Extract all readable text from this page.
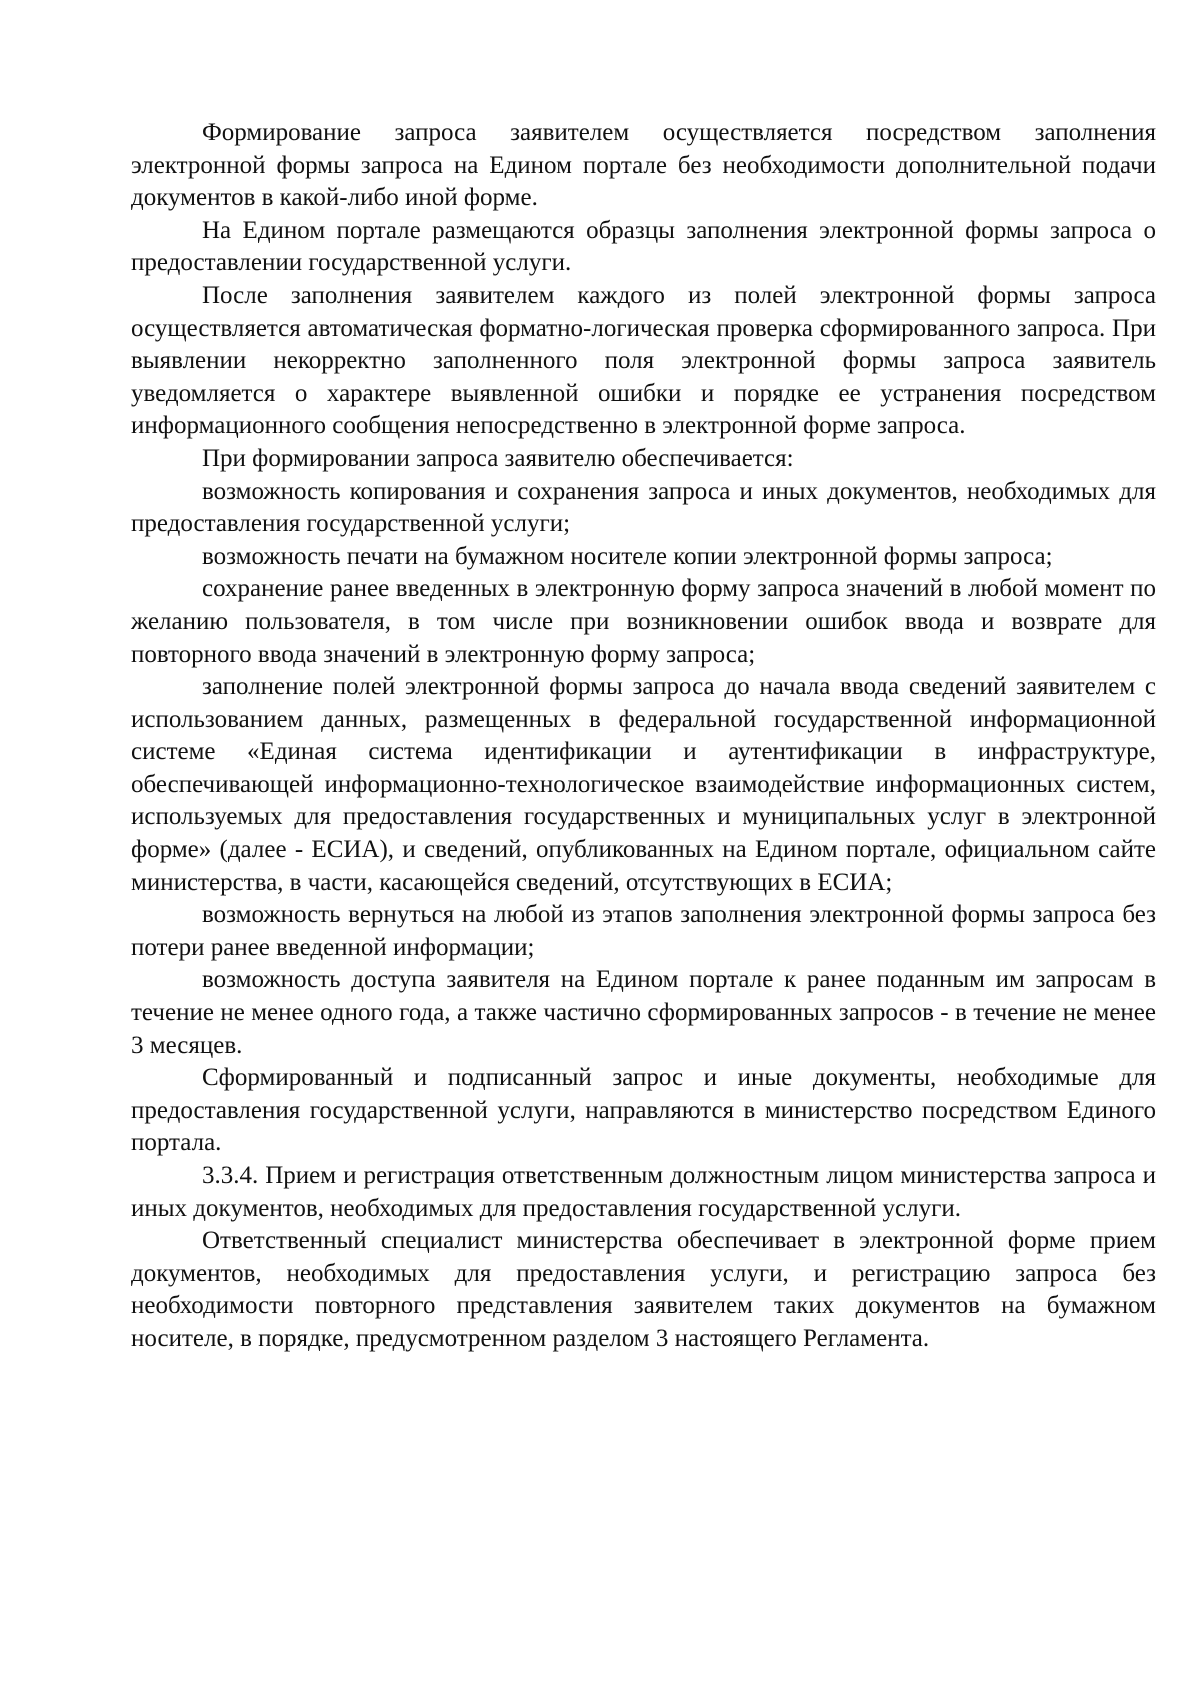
Формирование запроса заявителем осуществляется посредством заполнения электронной формы запроса на Едином портале без необходимости дополнительной подачи документов в какой-либо иной форме.

На Едином портале размещаются образцы заполнения электронной формы запроса о предоставлении государственной услуги.

После заполнения заявителем каждого из полей электронной формы запроса осуществляется автоматическая форматно-логическая проверка сформированного запроса. При выявлении некорректно заполненного поля электронной формы запроса заявитель уведомляется о характере выявленной ошибки и порядке ее устранения посредством информационного сообщения непосредственно в электронной форме запроса.

При формировании запроса заявителю обеспечивается:

возможность копирования и сохранения запроса и иных документов, необходимых для предоставления государственной услуги;

возможность печати на бумажном носителе копии электронной формы запроса;

сохранение ранее введенных в электронную форму запроса значений в любой момент по желанию пользователя, в том числе при возникновении ошибок ввода и возврате для повторного ввода значений в электронную форму запроса;

заполнение полей электронной формы запроса до начала ввода сведений заявителем с использованием данных, размещенных в федеральной государственной информационной системе «Единая система идентификации и аутентификации в инфраструктуре, обеспечивающей информационно-технологическое взаимодействие информационных систем, используемых для предоставления государственных и муниципальных услуг в электронной форме» (далее - ЕСИА), и сведений, опубликованных на Едином портале, официальном сайте министерства, в части, касающейся сведений, отсутствующих в ЕСИА;

возможность вернуться на любой из этапов заполнения электронной формы запроса без потери ранее введенной информации;

возможность доступа заявителя на Едином портале к ранее поданным им запросам в течение не менее одного года, а также частично сформированных запросов - в течение не менее 3 месяцев.

Сформированный и подписанный запрос и иные документы, необходимые для предоставления государственной услуги, направляются в министерство посредством Единого портала.

3.3.4. Прием и регистрация ответственным должностным лицом министерства запроса и иных документов, необходимых для предоставления государственной услуги.

Ответственный специалист министерства обеспечивает в электронной форме прием документов, необходимых для предоставления услуги, и регистрацию запроса без необходимости повторного представления заявителем таких документов на бумажном носителе, в порядке, предусмотренном разделом 3 настоящего Регламента.
